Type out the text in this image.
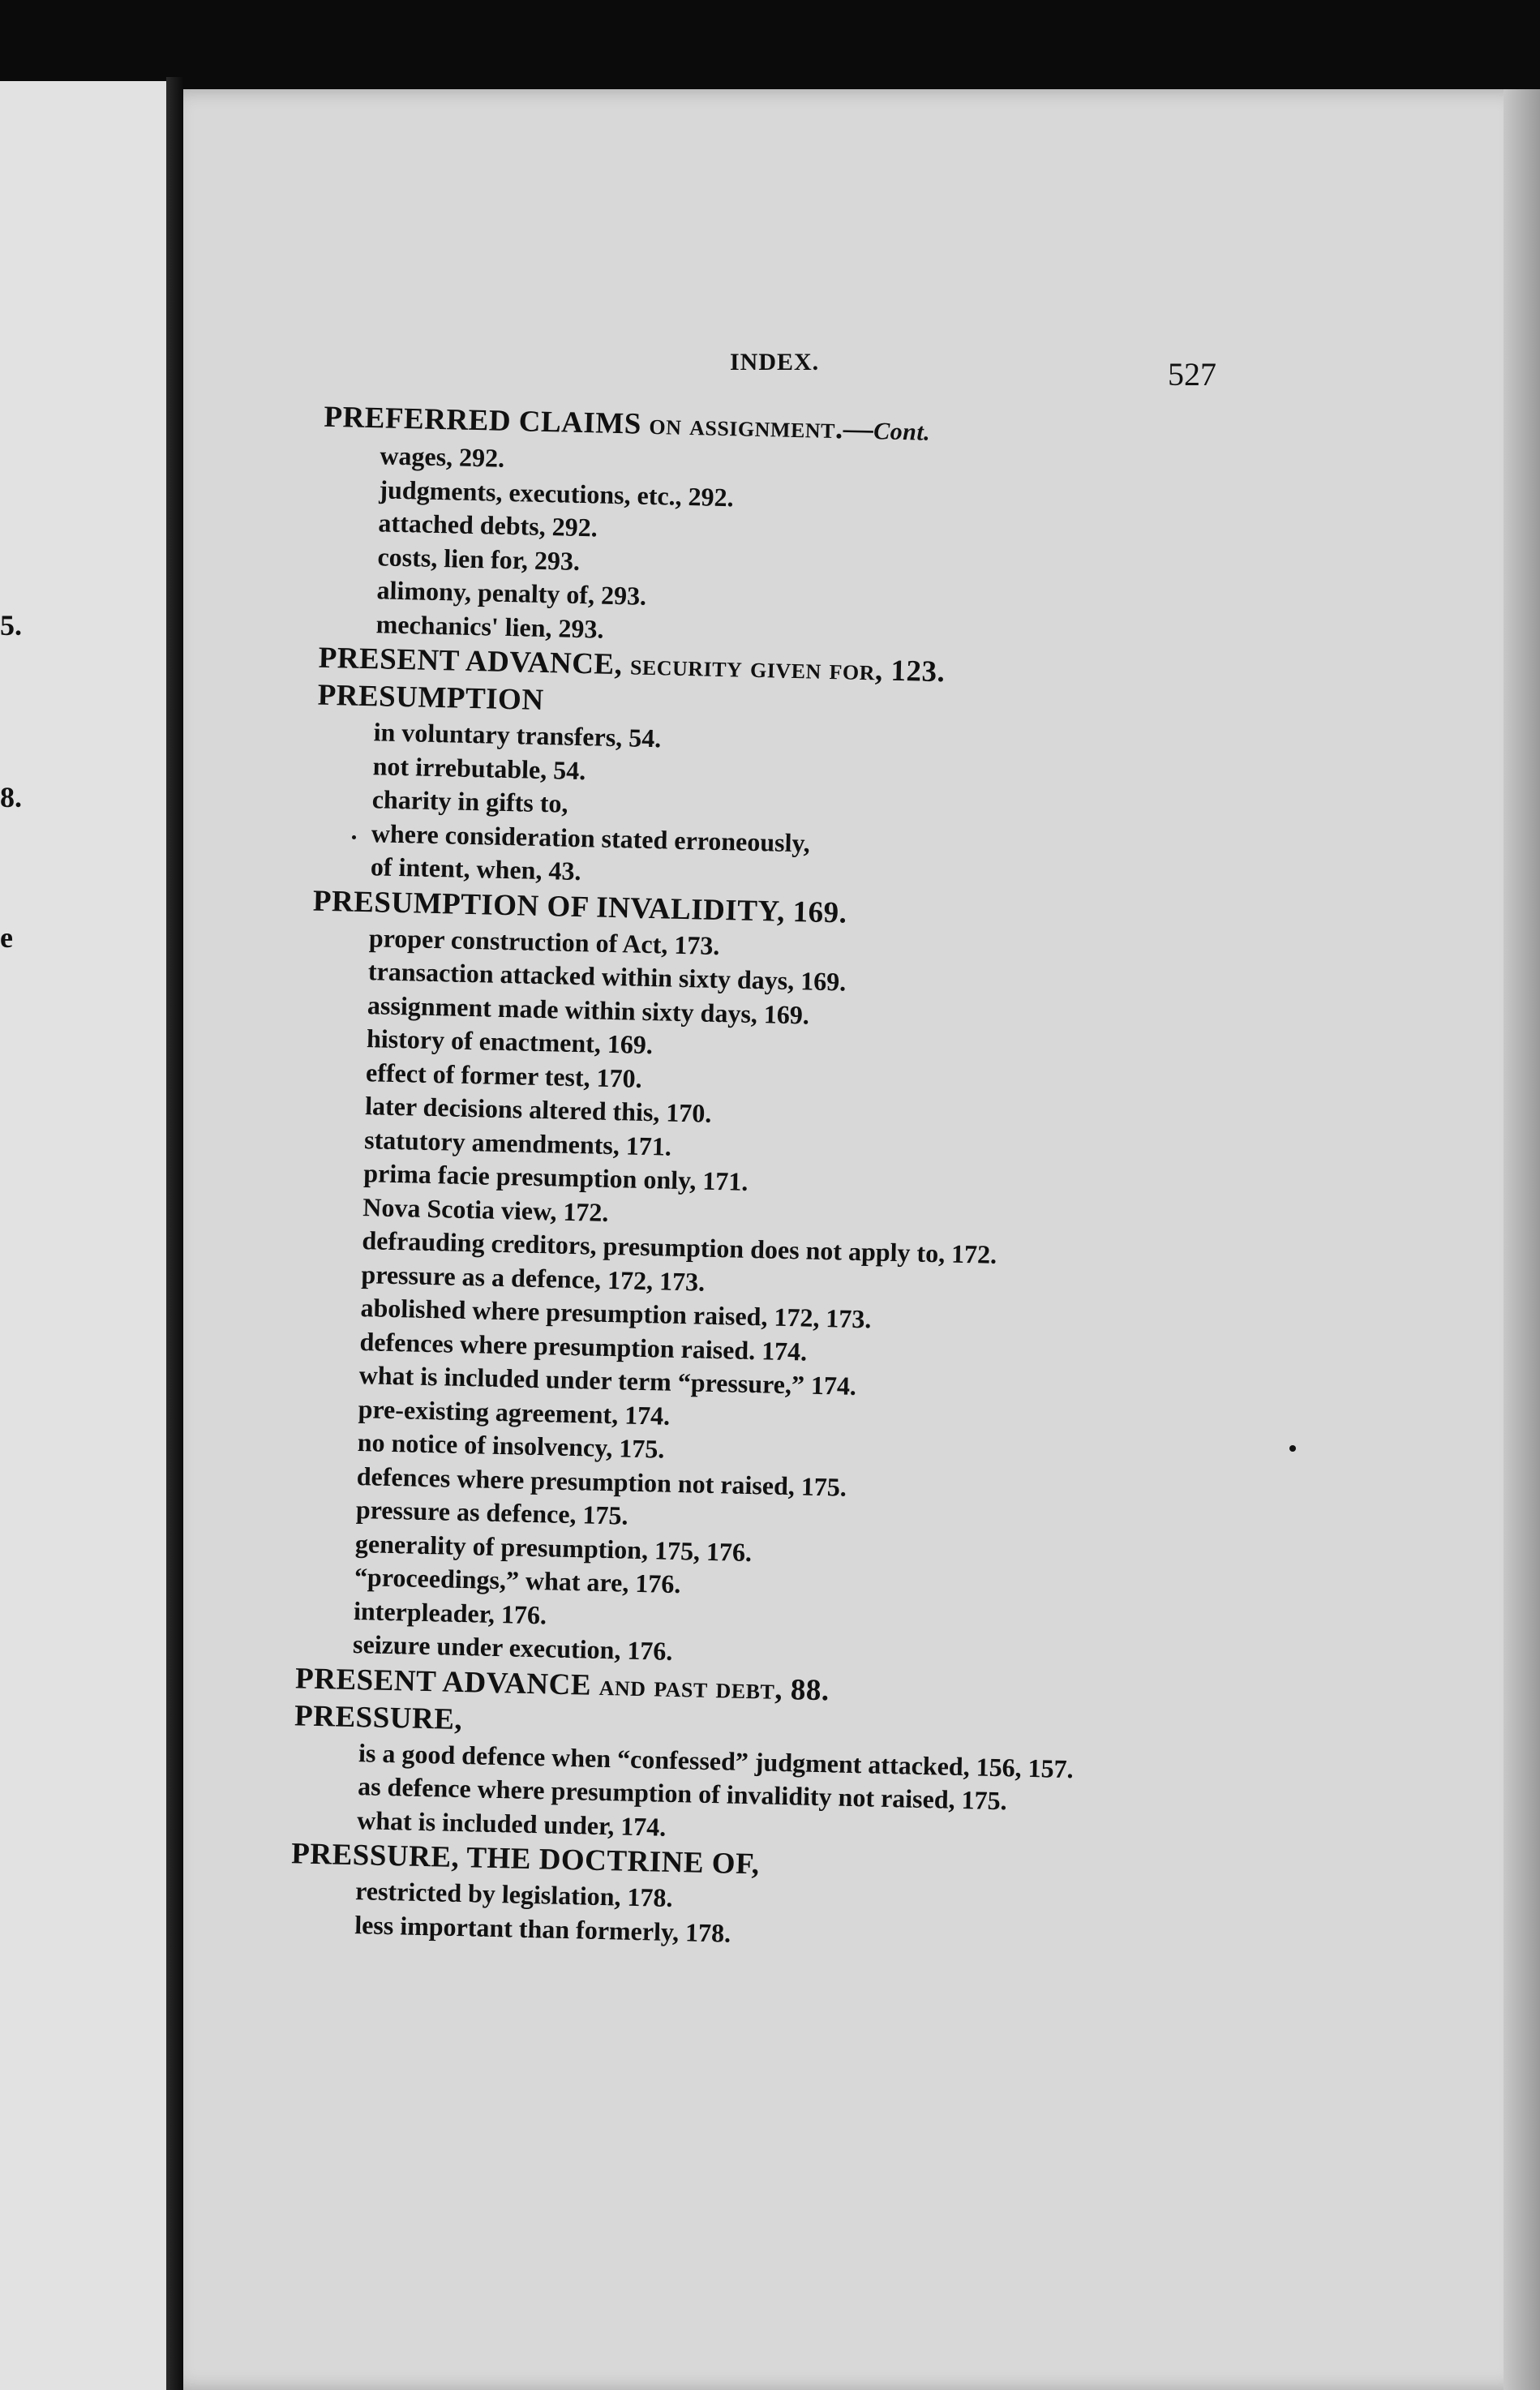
5.
8.
e
INDEX.	527

PREFERRED CLAIMS on assignment.—Cont.

wages, 292.

judgments, executions, etc., 292.

attached debts, 292.

costs, lien for, 293.

alimony, penalty of, 293.

mechanics' lien, 293.

PRESENT ADVANCE, security given for, 123.

PRESUMPTION

in voluntary transfers, 54.

not irrebutable, 54.

charity in gifts to,

where consideration stated erroneously,

of intent, when, 43.

PRESUMPTION OF INVALIDITY, 169.

proper construction of Act, 173.

transaction attacked within sixty days, 169.

assignment made within sixty days, 169.

history of enactment, 169.

effect of former test, 170.

later decisions altered this, 170.

statutory amendments, 171.

prima facie presumption only, 171.

Nova Scotia view, 172.

defrauding creditors, presumption does not apply to, 172.

pressure as a defence, 172, 173.

abolished where presumption raised, 172, 173.

defences where presumption raised. 174.

what is included under term “pressure,” 174.

pre-existing agreement, 174.

no notice of insolvency, 175.

defences where presumption not raised, 175.

pressure as defence, 175.

generality of presumption, 175, 176.

“proceedings,” what are, 176.

interpleader, 176.

seizure under execution, 176.

PRESENT ADVANCE and past debt, 88.

PRESSURE,

is a good defence when “confessed” judgment attacked, 156, 157.

as defence where presumption of invalidity not raised, 175.

what is included under, 174.

PRESSURE, THE DOCTRINE OF,

restricted by legislation, 178.

less important than formerly, 178.
